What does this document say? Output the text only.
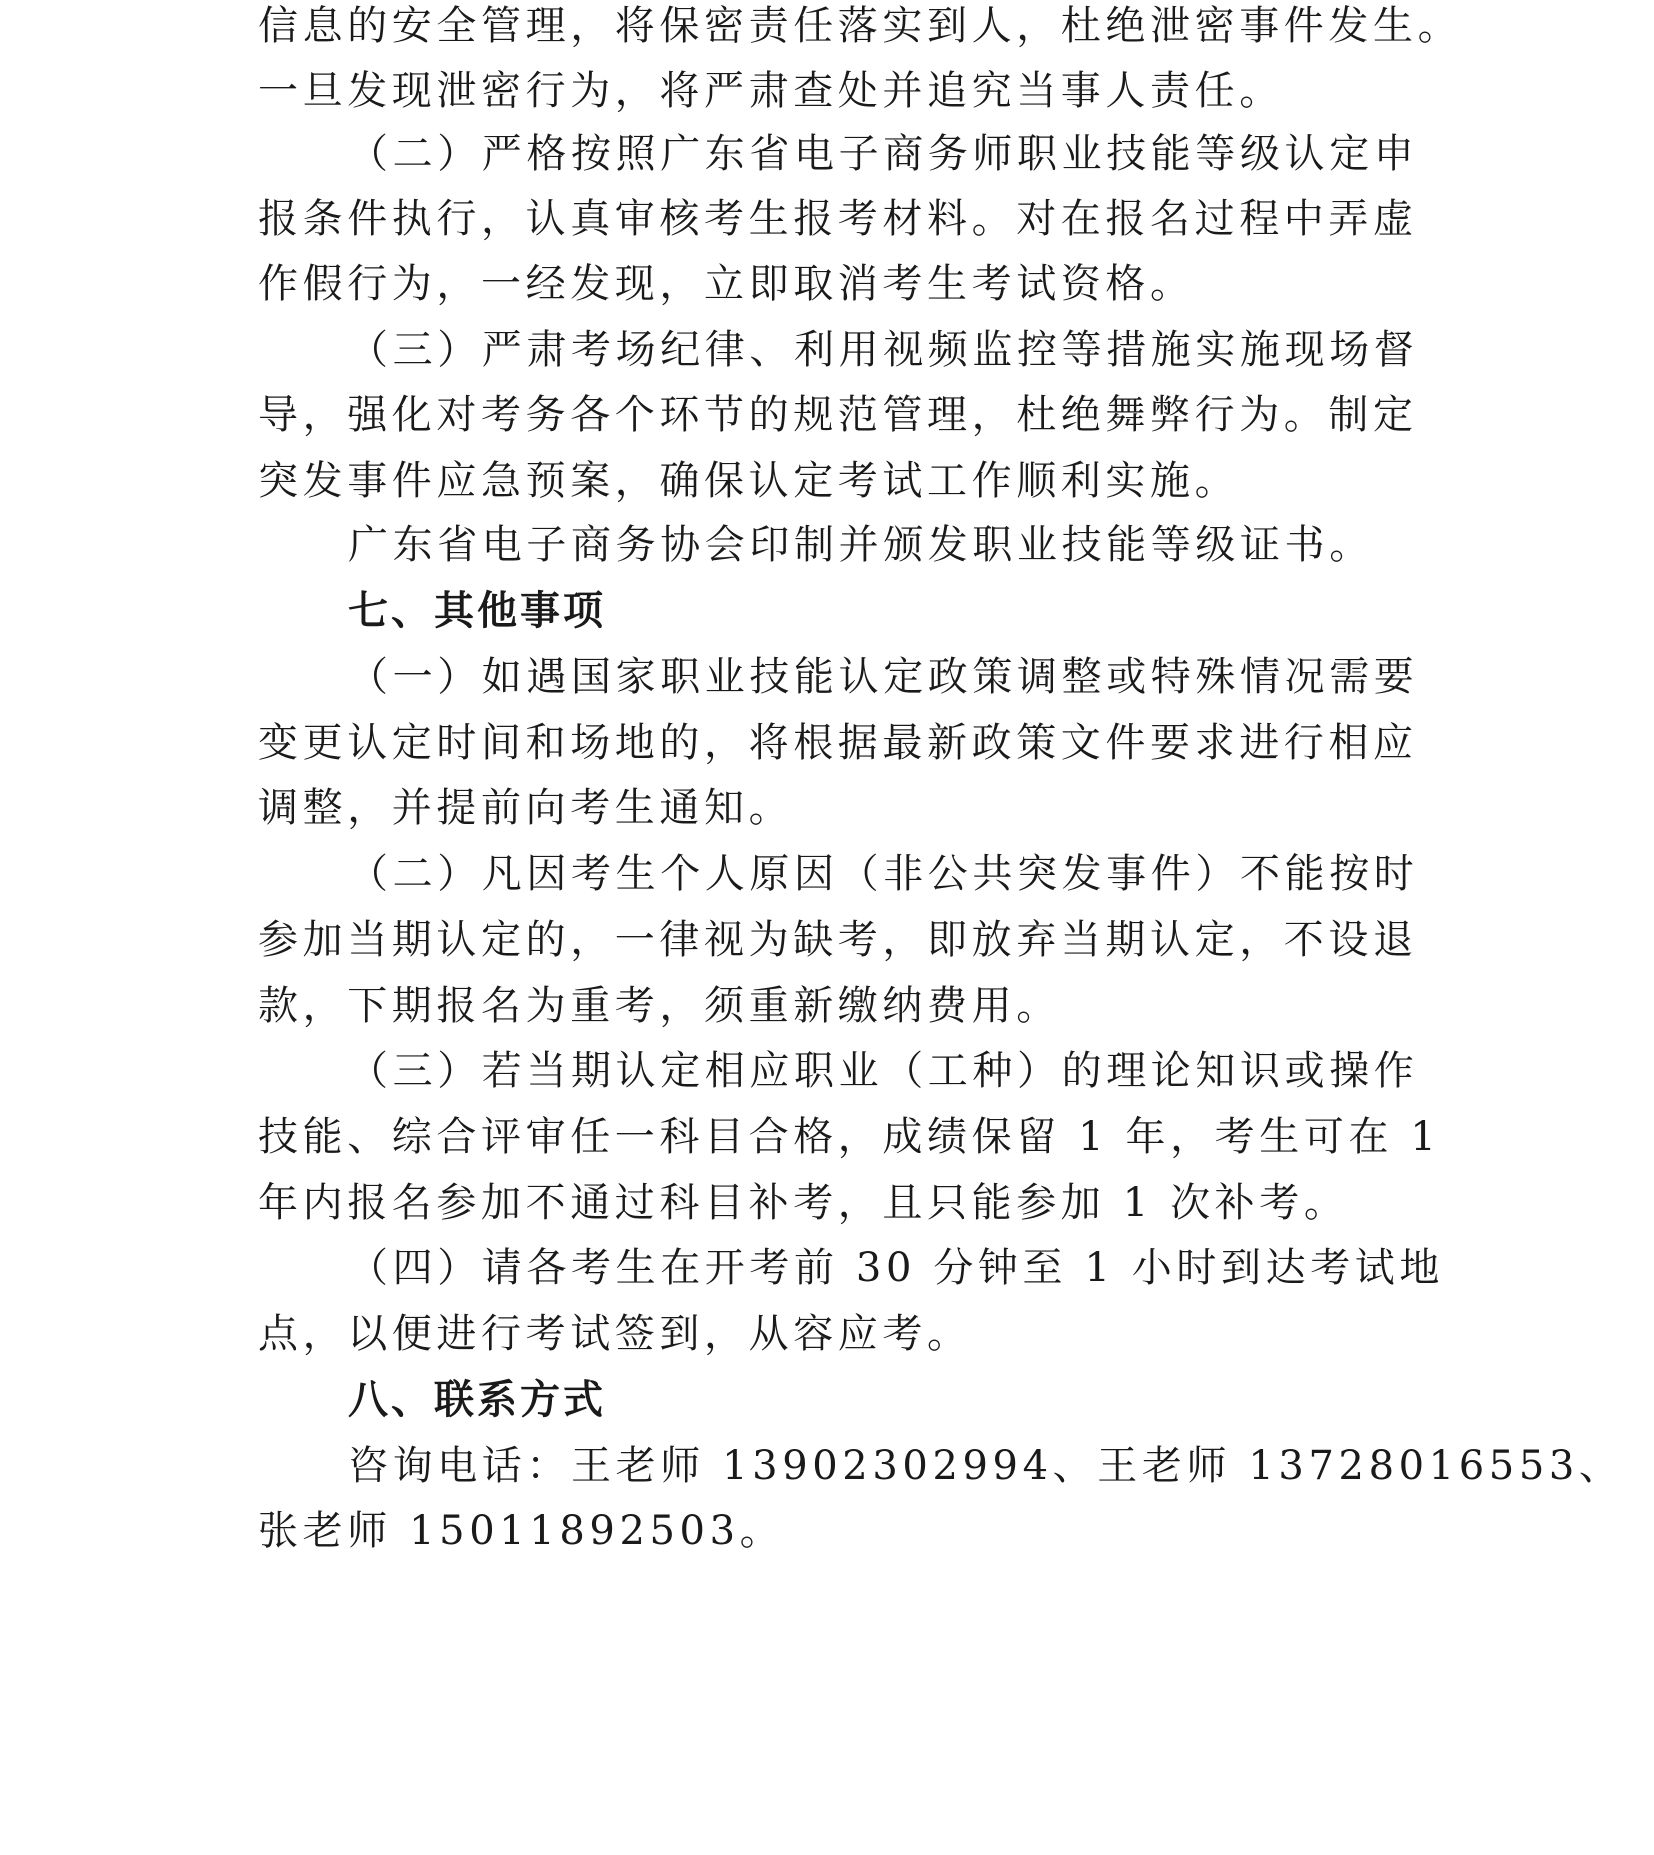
信息的安全管理，将保密责任落实到人，杜绝泄密事件发生。
一旦发现泄密行为，将严肃查处并追究当事人责任。
（二）严格按照广东省电子商务师职业技能等级认定申
报条件执行，认真审核考生报考材料。对在报名过程中弄虚
作假行为，一经发现，立即取消考生考试资格。
（三）严肃考场纪律、利用视频监控等措施实施现场督
导，强化对考务各个环节的规范管理，杜绝舞弊行为。制定
突发事件应急预案，确保认定考试工作顺利实施。
广东省电子商务协会印制并颁发职业技能等级证书。
七、其他事项
（一）如遇国家职业技能认定政策调整或特殊情况需要
变更认定时间和场地的，将根据最新政策文件要求进行相应
调整，并提前向考生通知。
（二）凡因考生个人原因（非公共突发事件）不能按时
参加当期认定的，一律视为缺考，即放弃当期认定，不设退
款，下期报名为重考，须重新缴纳费用。
（三）若当期认定相应职业（工种）的理论知识或操作
技能、综合评审任一科目合格，成绩保留 1 年，考生可在 1
年内报名参加不通过科目补考，且只能参加 1 次补考。
（四）请各考生在开考前 30 分钟至 1 小时到达考试地
点，以便进行考试签到，从容应考。
八、联系方式
咨询电话：王老师 13902302994、王老师 13728016553、
张老师 15011892503。
